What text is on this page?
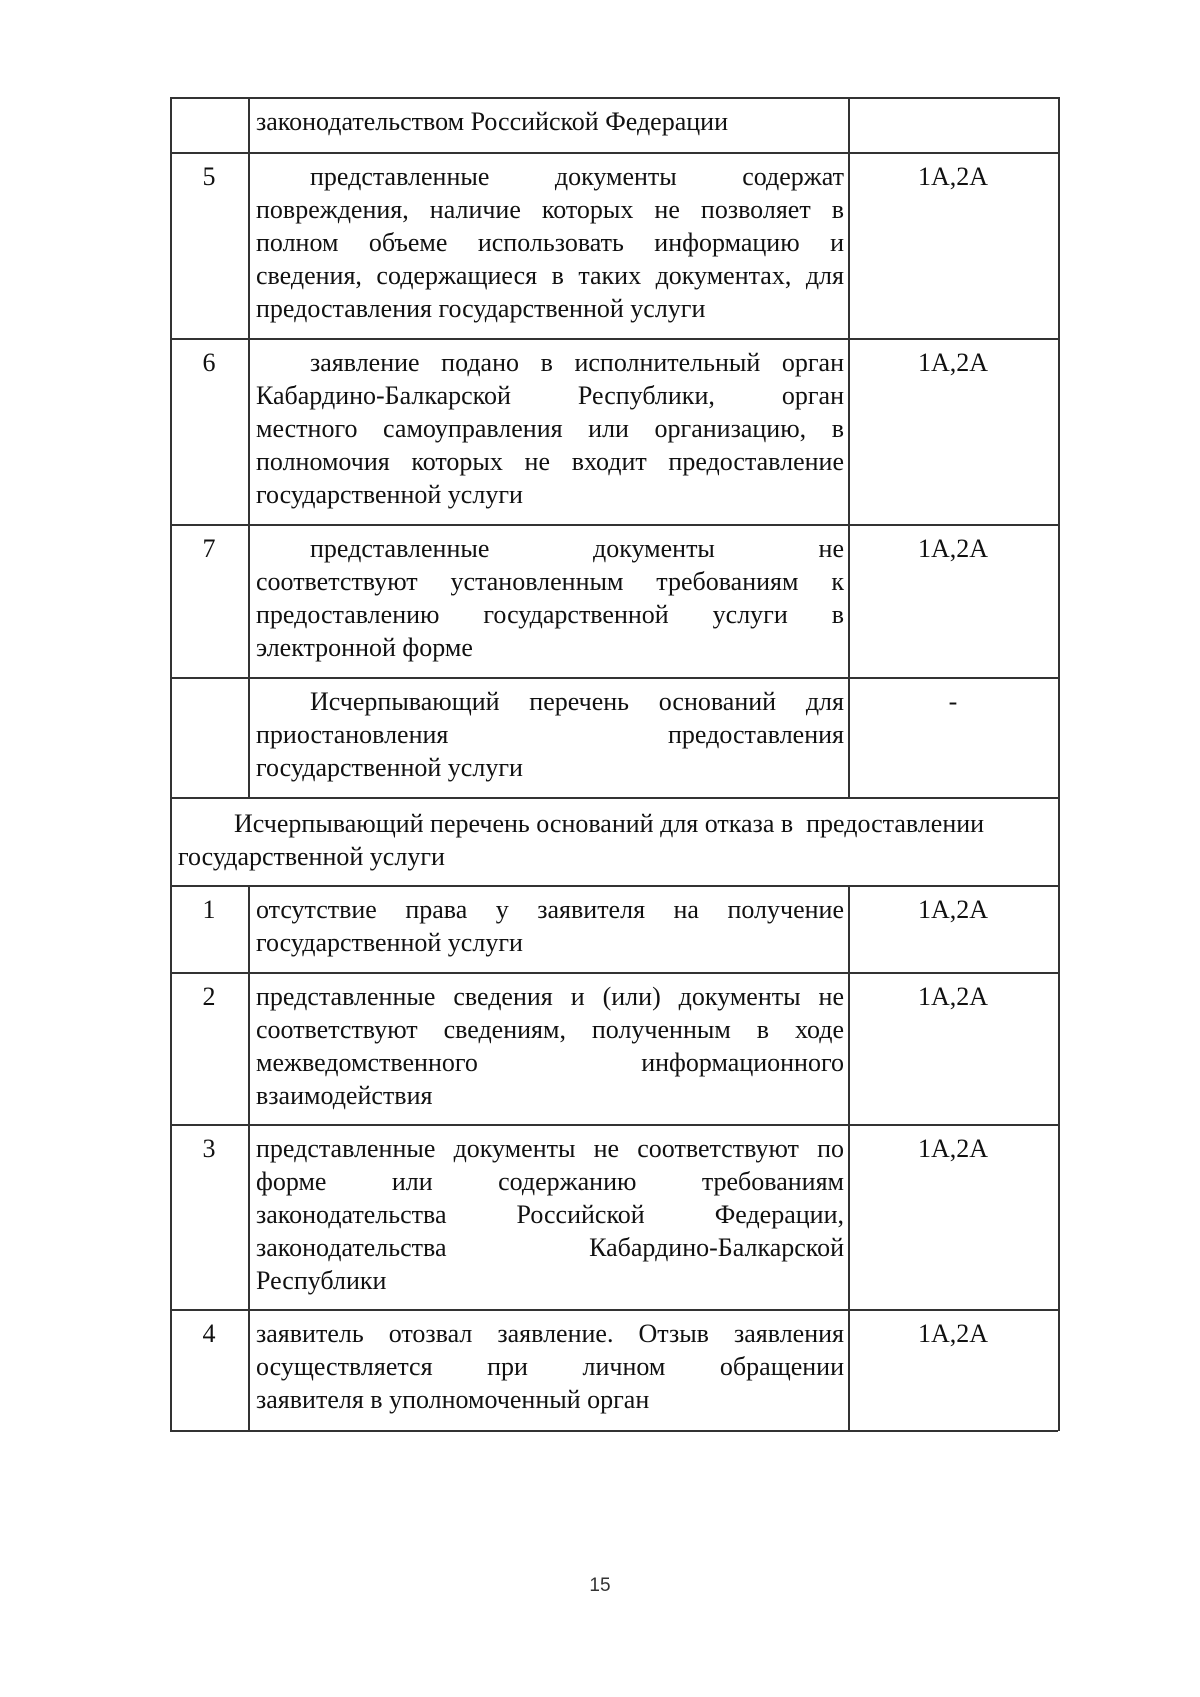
законодательством Российской Федерации
5	представленные документы содержат
повреждения, наличие которых не позволяет в
полном объеме использовать информацию и
сведения, содержащиеся в таких документах, для
предоставления государственной услуги
1А,2А
6	заявление подано в исполнительный орган
Кабардино-Балкарской Республики, орган
местного самоуправления или организацию, в
полномочия которых не входит предоставление
государственной услуги
1А,2А
7	представленные документы не
соответствуют установленным требованиям к
предоставлению государственной услуги в
электронной форме
1А,2А
Исчерпывающий перечень оснований для
приостановления предоставления
государственной услуги
-
Исчерпывающий перечень оснований для отказа в  предоставлении
государственной услуги
1	отсутствие права у заявителя на получение
государственной услуги
1А,2А
2	представленные сведения и (или) документы не
соответствуют сведениям, полученным в ходе
межведомственного информационного
взаимодействия
1А,2А
3	представленные документы не соответствуют по
форме или содержанию требованиям
законодательства Российской Федерации,
законодательства Кабардино-Балкарской
Республики
1А,2А
4	заявитель отозвал заявление. Отзыв заявления
осуществляется при личном обращении
заявителя в уполномоченный орган
1А,2А
15
